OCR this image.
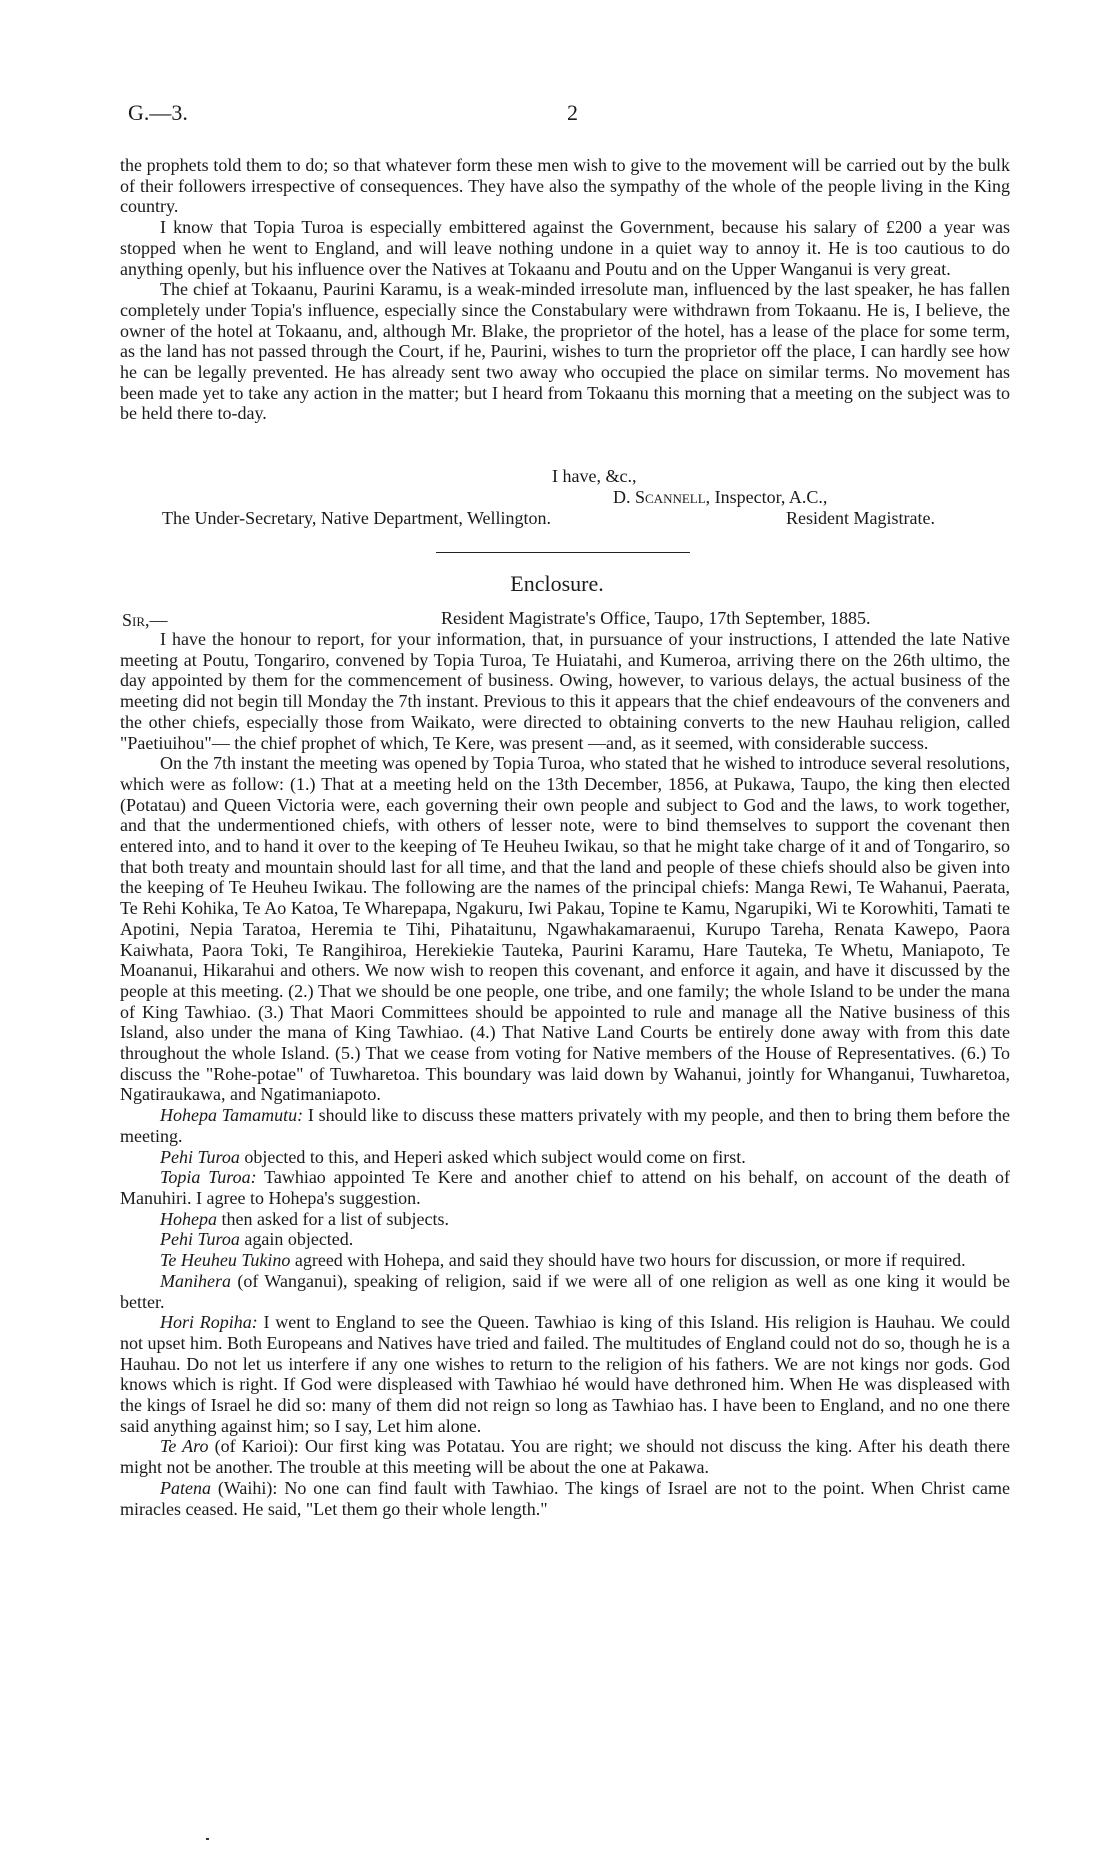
G.—3.	2

the prophets told them to do; so that whatever form these men wish to give to the movement will be carried out by the bulk of their followers irrespective of consequences. They have also the sympathy of the whole of the people living in the King country.

I know that Topia Turoa is especially embittered against the Government, because his salary of £200 a year was stopped when he went to England, and will leave nothing undone in a quiet way to annoy it. He is too cautious to do anything openly, but his influence over the Natives at Tokaanu and Poutu and on the Upper Wanganui is very great.

The chief at Tokaanu, Paurini Karamu, is a weak-minded irresolute man, influenced by the last speaker, he has fallen completely under Topia's influence, especially since the Constabulary were withdrawn from Tokaanu. He is, I believe, the owner of the hotel at Tokaanu, and, although Mr. Blake, the proprietor of the hotel, has a lease of the place for some term, as the land has not passed through the Court, if he, Paurini, wishes to turn the proprietor off the place, I can hardly see how he can be legally prevented. He has already sent two away who occupied the place on similar terms. No movement has been made yet to take any action in the matter; but I heard from Tokaanu this morning that a meeting on the subject was to be held there to-day.

I have, &c.,
D. Scannell, Inspector, A.C.,
The Under-Secretary, Native Department, Wellington.	Resident Magistrate.
Enclosure.
Sir,—	Resident Magistrate's Office, Taupo, 17th September, 1885.

I have the honour to report, for your information, that, in pursuance of your instructions, I attended the late Native meeting at Poutu, Tongariro, convened by Topia Turoa, Te Huiatahi, and Kumeroa, arriving there on the 26th ultimo, the day appointed by them for the commencement of business. Owing, however, to various delays, the actual business of the meeting did not begin till Monday the 7th instant. Previous to this it appears that the chief endeavours of the conveners and the other chiefs, especially those from Waikato, were directed to obtaining converts to the new Hauhau religion, called "Paetiuihou"— the chief prophet of which, Te Kere, was present —and, as it seemed, with considerable success.

On the 7th instant the meeting was opened by Topia Turoa, who stated that he wished to introduce several resolutions, which were as follow: (1.) That at a meeting held on the 13th December, 1856, at Pukawa, Taupo, the king then elected (Potatau) and Queen Victoria were, each governing their own people and subject to God and the laws, to work together, and that the undermentioned chiefs, with others of lesser note, were to bind themselves to support the covenant then entered into, and to hand it over to the keeping of Te Heuheu Iwikau, so that he might take charge of it and of Tongariro, so that both treaty and mountain should last for all time, and that the land and people of these chiefs should also be given into the keeping of Te Heuheu Iwikau. The following are the names of the principal chiefs: Manga Rewi, Te Wahanui, Paerata, Te Rehi Kohika, Te Ao Katoa, Te Wharepapa, Ngakuru, Iwi Pakau, Topine te Kamu, Ngarupiki, Wi te Korowhiti, Tamati te Apotini, Nepia Taratoa, Heremia te Tihi, Pihataitunu, Ngawhakamaraenui, Kurupo Tareha, Renata Kawepo, Paora Kaiwhata, Paora Toki, Te Rangihiroa, Herekiekie Tauteka, Paurini Karamu, Hare Tauteka, Te Whetu, Maniapoto, Te Moananui, Hikarahui and others. We now wish to reopen this covenant, and enforce it again, and have it discussed by the people at this meeting. (2.) That we should be one people, one tribe, and one family; the whole Island to be under the mana of King Tawhiao. (3.) That Maori Committees should be appointed to rule and manage all the Native business of this Island, also under the mana of King Tawhiao. (4.) That Native Land Courts be entirely done away with from this date throughout the whole Island. (5.) That we cease from voting for Native members of the House of Representatives. (6.) To discuss the "Rohe-potae" of Tuwharetoa. This boundary was laid down by Wahanui, jointly for Whanganui, Tuwharetoa, Ngatiraukawa, and Ngatimaniapoto.

Hohepa Tamamutu: I should like to discuss these matters privately with my people, and then to bring them before the meeting.

Pehi Turoa objected to this, and Heperi asked which subject would come on first.

Topia Turoa: Tawhiao appointed Te Kere and another chief to attend on his behalf, on account of the death of Manuhiri. I agree to Hohepa's suggestion.

Hohepa then asked for a list of subjects.

Pehi Turoa again objected.

Te Heuheu Tukino agreed with Hohepa, and said they should have two hours for discussion, or more if required.

Manihera (of Wanganui), speaking of religion, said if we were all of one religion as well as one king it would be better.

Hori Ropiha: I went to England to see the Queen. Tawhiao is king of this Island. His religion is Hauhau. We could not upset him. Both Europeans and Natives have tried and failed. The multitudes of England could not do so, though he is a Hauhau. Do not let us interfere if any one wishes to return to the religion of his fathers. We are not kings nor gods. God knows which is right. If God were displeased with Tawhiao hé would have dethroned him. When He was displeased with the kings of Israel he did so: many of them did not reign so long as Tawhiao has. I have been to England, and no one there said anything against him; so I say, Let him alone.

Te Aro (of Karioi): Our first king was Potatau. You are right; we should not discuss the king. After his death there might not be another. The trouble at this meeting will be about the one at Pakawa.

Patena (Waihi): No one can find fault with Tawhiao. The kings of Israel are not to the point. When Christ came miracles ceased. He said, "Let them go their whole length."
